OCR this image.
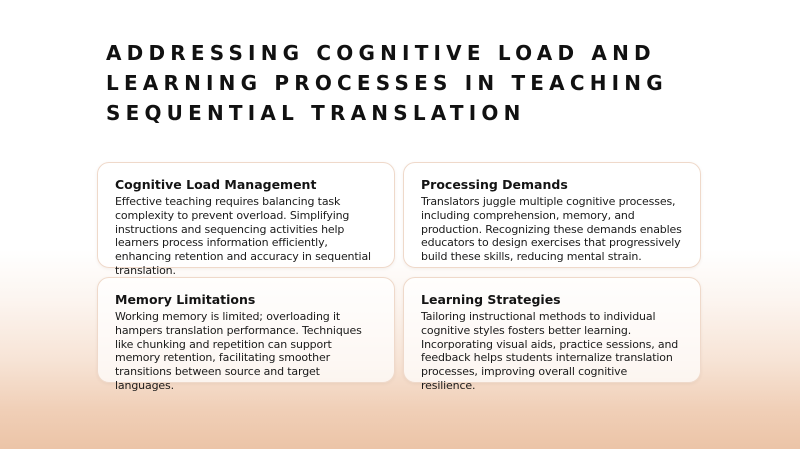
ADDRESSING COGNITIVE LOAD AND LEARNING PROCESSES IN TEACHING SEQUENTIAL TRANSLATION
Cognitive Load Management

Effective teaching requires balancing task complexity to prevent overload. Simplifying instructions and sequencing activities help learners process information efficiently, enhancing retention and accuracy in sequential translation.

Processing Demands

Translators juggle multiple cognitive processes, including comprehension, memory, and production. Recognizing these demands enables educators to design exercises that progressively build these skills, reducing mental strain.

Memory Limitations

Working memory is limited; overloading it hampers translation performance. Techniques like chunking and repetition can support memory retention, facilitating smoother transitions between source and target languages.

Learning Strategies

Tailoring instructional methods to individual cognitive styles fosters better learning. Incorporating visual aids, practice sessions, and feedback helps students internalize translation processes, improving overall cognitive resilience.
